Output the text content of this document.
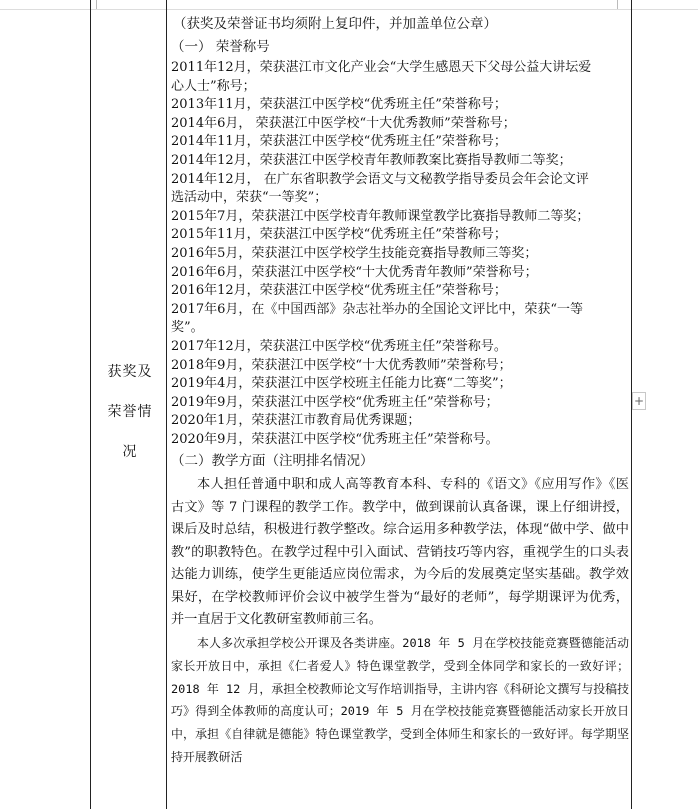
获奖及
荣誉情
况

（获奖及荣誉证书均须附上复印件，并加盖单位公章）

（一） 荣誉称号

2011年12月，荣获湛江市文化产业会“大学生感恩天下父母公益大讲坛爱
心人士”称号；
2013年11月，荣获湛江中医学校“优秀班主任”荣誉称号；
2014年6月， 荣获湛江中医学校“十大优秀教师”荣誉称号；
2014年11月，荣获湛江中医学校“优秀班主任”荣誉称号；
2014年12月，荣获湛江中医学校青年教师教案比赛指导教师二等奖；
2014年12月， 在广东省职教学会语文与文秘教学指导委员会年会论文评
选活动中，荣获“一等奖”；
2015年7月，荣获湛江中医学校青年教师课堂教学比赛指导教师二等奖；
2015年11月，荣获湛江中医学校“优秀班主任”荣誉称号；
2016年5月，荣获湛江中医学校学生技能竞赛指导教师三等奖；
2016年6月，荣获湛江中医学校“十大优秀青年教师”荣誉称号；
2016年12月，荣获湛江中医学校“优秀班主任”荣誉称号；
2017年6月，在《中国西部》杂志社举办的全国论文评比中，荣获“一等
奖”。
2017年12月，荣获湛江中医学校“优秀班主任”荣誉称号。
2018年9月，荣获湛江中医学校“十大优秀教师”荣誉称号；
2019年4月，荣获湛江中医学校班主任能力比赛“二等奖”；
2019年9月，荣获湛江中医学校“优秀班主任”荣誉称号；
2020年1月，荣获湛江市教育局优秀课题；
2020年9月，荣获湛江中医学校“优秀班主任”荣誉称号。

（二）教学方面（注明排名情况）

本人担任普通中职和成人高等教育本科、专科的《语文》《应用写作》《医古文》等 7 门课程的教学工作。教学中，做到课前认真备课，课上仔细讲授，课后及时总结，积极进行教学整改。综合运用多种教学法，体现“做中学、做中教”的职教特色。在教学过程中引入面试、营销技巧等内容，重视学生的口头表达能力训练，使学生更能适应岗位需求，为今后的发展奠定坚实基础。教学效果好，在学校教师评价会议中被学生誉为“最好的老师”，每学期课评为优秀，并一直居于文化教研室教师前三名。

本人多次承担学校公开课及各类讲座。2018 年 5 月在学校技能竞赛暨德能活动家长开放日中，承担《仁者爱人》特色课堂教学，受到全体同学和家长的一致好评；2018 年 12 月，承担全校教师论文写作培训指导，主讲内容《科研论文撰写与投稿技巧》得到全体教师的高度认可；2019 年 5 月在学校技能竞赛暨德能活动家长开放日中，承担《自律就是德能》特色课堂教学，受到全体师生和家长的一致好评。每学期坚持开展教研活

+
